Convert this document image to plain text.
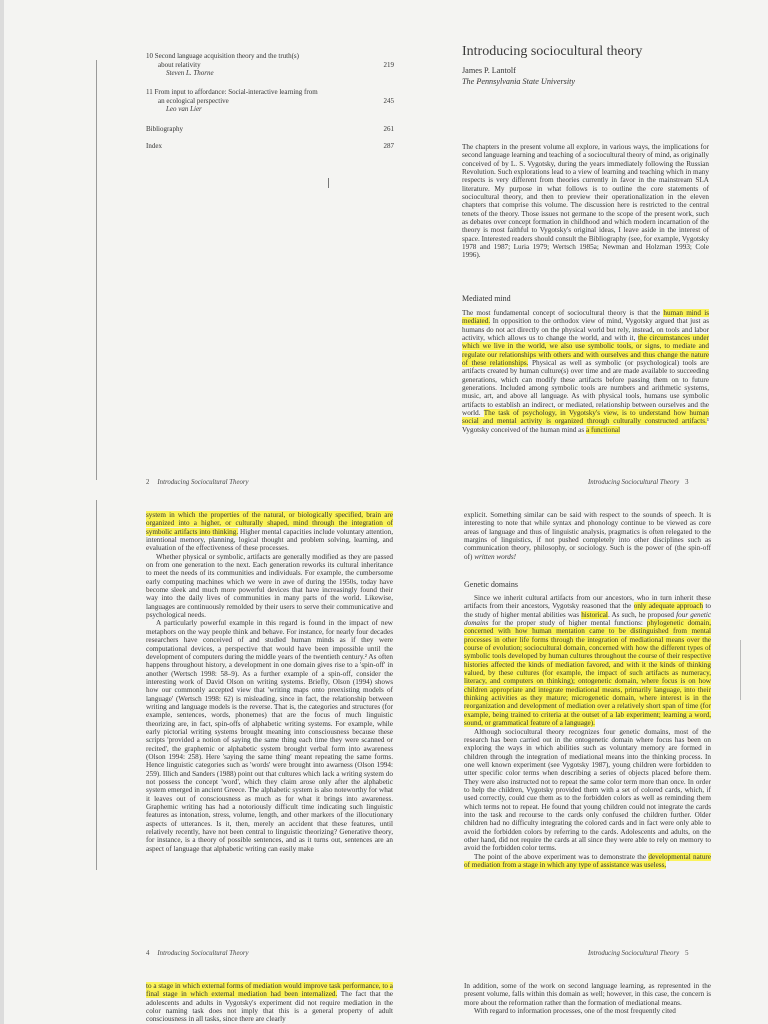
10 Second language acquisition theory and the truth(s)
about relativity
Steven L. Thorne
219
11 From input to affordance: Social-interactive learning from
an ecological perspective
Leo van Lier
245
Bibliography	261
Index	287
Introducing sociocultural theory
James P. Lantolf
The Pennsylvania State University

The chapters in the present volume all explore, in various ways, the implications for second language learning and teaching of a sociocultural theory of mind, as originally conceived of by L. S. Vygotsky, during the years immediately following the Russian Revolution. Such explorations lead to a view of learning and teaching which in many respects is very different from theories currently in favor in the mainstream SLA literature. My purpose in what follows is to outline the core statements of sociocultural theory, and then to preview their operationalization in the eleven chapters that comprise this volume. The discussion here is restricted to the central tenets of the theory. Those issues not germane to the scope of the present work, such as debates over concept formation in childhood and which modern incarnation of the theory is most faithful to Vygotsky's original ideas, I leave aside in the interest of space. Interested readers should consult the Bibliography (see, for example, Vygotsky 1978 and 1987; Luria 1979; Wertsch 1985a; Newman and Holzman 1993; Cole 1996).

Mediated mind

The most fundamental concept of sociocultural theory is that the human mind is mediated. In opposition to the orthodox view of mind, Vygotsky argued that just as humans do not act directly on the physical world but rely, instead, on tools and labor activity, which allows us to change the world, and with it, the circumstances under which we live in the world, we also use symbolic tools, or signs, to mediate and regulate our relationships with others and with ourselves and thus change the nature of these relationships. Physical as well as symbolic (or psychological) tools are artifacts created by human culture(s) over time and are made available to succeeding generations, which can modify these artifacts before passing them on to future generations. Included among symbolic tools are numbers and arithmetic systems, music, art, and above all language. As with physical tools, humans use symbolic artifacts to establish an indirect, or mediated, relationship between ourselves and the world. The task of psychology, in Vygotsky's view, is to understand how human social and mental activity is organized through culturally constructed artifacts.¹ Vygotsky conceived of the human mind as a functional

2 Introducing Sociocultural Theory

system in which the properties of the natural, or biologically specified, brain are organized into a higher, or culturally shaped, mind through the integration of symbolic artifacts into thinking. Higher mental capacities include voluntary attention, intentional memory, planning, logical thought and problem solving, learning, and evaluation of the effectiveness of these processes.

Whether physical or symbolic, artifacts are generally modified as they are passed on from one generation to the next. Each generation reworks its cultural inheritance to meet the needs of its communities and individuals. For example, the cumbersome early computing machines which we were in awe of during the 1950s, today have become sleek and much more powerful devices that have increasingly found their way into the daily lives of communities in many parts of the world. Likewise, languages are continuously remolded by their users to serve their communicative and psychological needs.

A particularly powerful example in this regard is found in the impact of new metaphors on the way people think and behave. For instance, for nearly four decades researchers have conceived of and studied human minds as if they were computational devices, a perspective that would have been impossible until the development of computers during the middle years of the twentieth century.² As often happens throughout history, a development in one domain gives rise to a 'spin-off' in another (Wertsch 1998: 58–9). As a further example of a spin-off, consider the interesting work of David Olson on writing systems. Briefly, Olson (1994) shows how our commonly accepted view that 'writing maps onto preexisting models of language' (Wertsch 1998: 62) is misleading, since in fact, the relationship between writing and language models is the reverse. That is, the categories and structures (for example, sentences, words, phonemes) that are the focus of much linguistic theorizing are, in fact, spin-offs of alphabetic writing systems. For example, while early pictorial writing systems brought meaning into consciousness because these scripts 'provided a notion of saying the same thing each time they were scanned or recited', the graphemic or alphabetic system brought verbal form into awareness (Olson 1994: 258). Here 'saying the same thing' meant repeating the same forms. Hence linguistic categories such as 'words' were brought into awarness (Olson 1994: 259). Illich and Sanders (1988) point out that cultures which lack a writing system do not possess the concept 'word', which they claim arose only after the alphabetic system emerged in ancient Greece. The alphabetic system is also noteworthy for what it leaves out of consciousness as much as for what it brings into awareness. Graphemic writing has had a notoriously difficult time indicating such linguistic features as intonation, stress, volume, length, and other markers of the illocutionary aspects of utterances. Is it, then, merely an accident that these features, until relatively recently, have not been central to linguistic theorizing? Generative theory, for instance, is a theory of possible sentences, and as it turns out, sentences are an aspect of language that alphabetic writing can easily make

Introducing Sociocultural Theory 3

explicit. Something similar can be said with respect to the sounds of speech. It is interesting to note that while syntax and phonology continue to be viewed as core areas of language and thus of linguistic analysis, pragmatics is often relegated to the margins of linguistics, if not pushed completely into other disciplines such as communication theory, philosophy, or sociology. Such is the power of (the spin-off of) written words!

Genetic domains

Since we inherit cultural artifacts from our ancestors, who in turn inherit these artifacts from their ancestors, Vygotsky reasoned that the only adequate approach to the study of higher mental abilities was historical. As such, he proposed four genetic domains for the proper study of higher mental functions: phylogenetic domain, concerned with how human mentation came to be distinguished from mental processes in other life forms through the integration of mediational means over the course of evolution; sociocultural domain, concerned with how the different types of symbolic tools developed by human cultures throughout the course of their respective histories affected the kinds of mediation favored, and with it the kinds of thinking valued, by these cultures (for example, the impact of such artifacts as numeracy, literacy, and computers on thinking); ontogenetic domain, where focus is on how children appropriate and integrate mediational means, primarily language, into their thinking activities as they mature; microgenetic domain, where interest is in the reorganization and development of mediation over a relatively short span of time (for example, being trained to criteria at the outset of a lab experiment; learning a word, sound, or grammatical feature of a language).

Although sociocultural theory recognizes four genetic domains, most of the research has been carried out in the ontogenetic domain where focus has been on exploring the ways in which abilities such as voluntary memory are formed in children through the integration of mediational means into the thinking process. In one well known experiment (see Vygotsky 1987), young children were forbidden to utter specific color terms when describing a series of objects placed before them. They were also instructed not to repeat the same color term more than once. In order to help the children, Vygotsky provided them with a set of colored cards, which, if used correctly, could cue them as to the forbidden colors as well as reminding them which terms not to repeat. He found that young children could not integrate the cards into the task and recourse to the cards only confused the children further. Older children had no difficulty integrating the colored cards and in fact were only able to avoid the forbidden colors by referring to the cards. Adolescents and adults, on the other hand, did not require the cards at all since they were able to rely on memory to avoid the forbidden color terms.

The point of the above experiment was to demonstrate the developmental nature of mediation from a stage in which any type of assistance was useless,

4 Introducing Sociocultural Theory

to a stage in which external forms of mediation would improve task performance, to a final stage in which external mediation had been internalized. The fact that the adolescents and adults in Vygotsky's experiment did not require mediation in the color naming task does not imply that this is a general property of adult consciousness in all tasks, since there are clearly

Introducing Sociocultural Theory 5

In addition, some of the work on second language learning, as represented in the present volume, falls within this domain as well; however, in this case, the concern is more about the reformation rather than the formation of mediational means.

With regard to information processes, one of the most frequently cited
